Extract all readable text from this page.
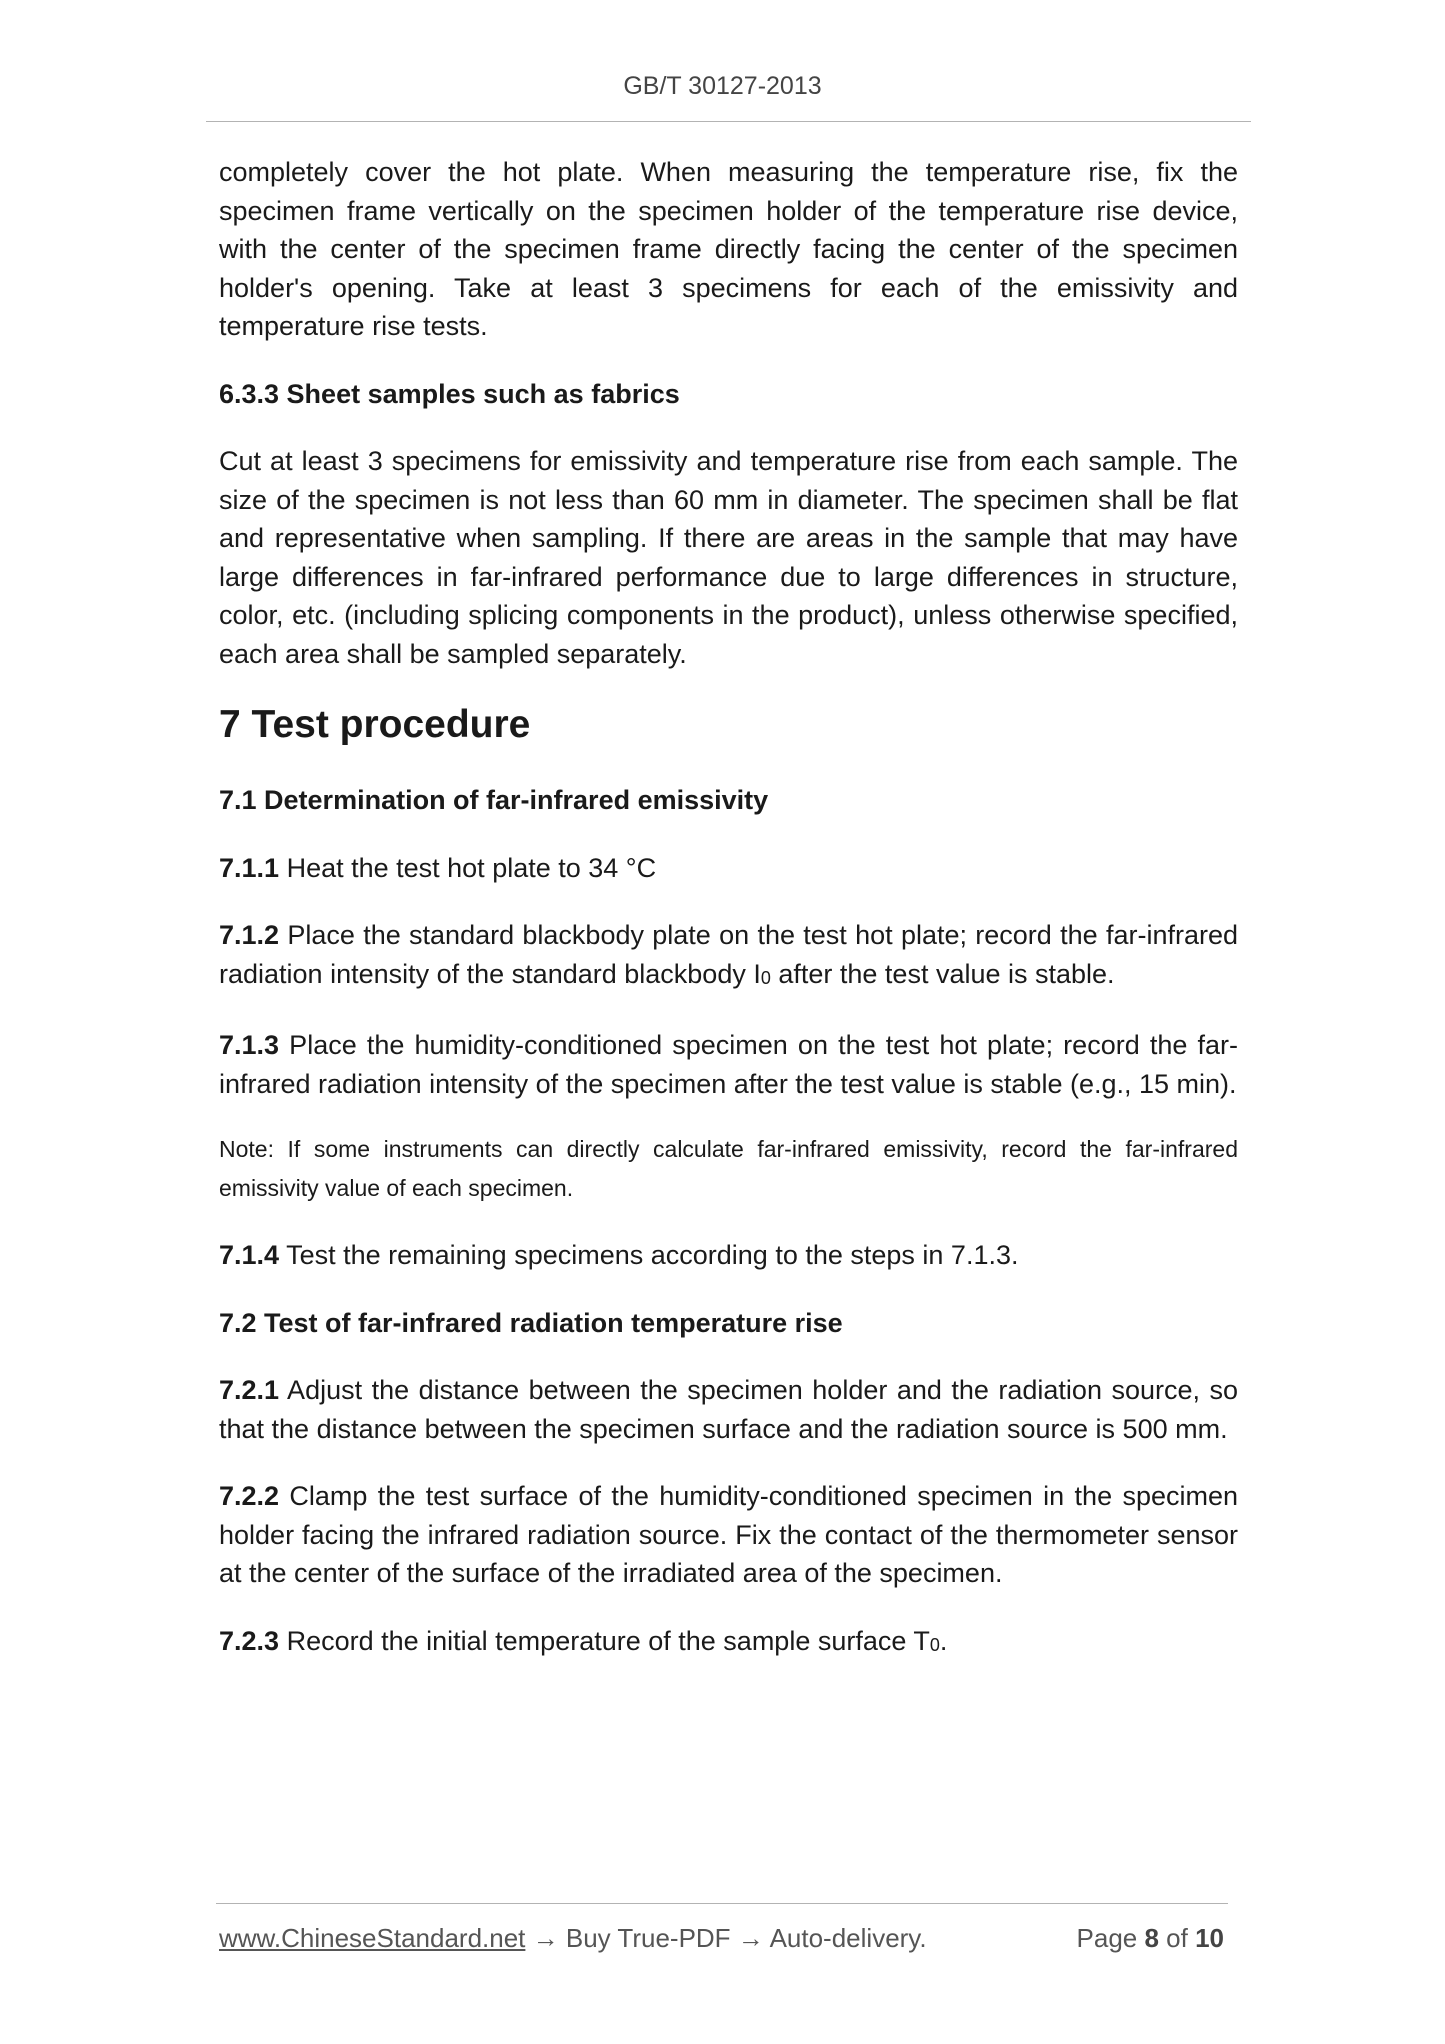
GB/T 30127-2013

completely cover the hot plate. When measuring the temperature rise, fix the specimen frame vertically on the specimen holder of the temperature rise device, with the center of the specimen frame directly facing the center of the specimen holder's opening. Take at least 3 specimens for each of the emissivity and temperature rise tests.

6.3.3 Sheet samples such as fabrics

Cut at least 3 specimens for emissivity and temperature rise from each sample. The size of the specimen is not less than 60 mm in diameter. The specimen shall be flat and representative when sampling. If there are areas in the sample that may have large differences in far-infrared performance due to large differences in structure, color, etc. (including splicing components in the product), unless otherwise specified, each area shall be sampled separately.

7 Test procedure
7.1 Determination of far-infrared emissivity

7.1.1 Heat the test hot plate to 34 °C

7.1.2 Place the standard blackbody plate on the test hot plate; record the far-infrared radiation intensity of the standard blackbody I0 after the test value is stable.

7.1.3 Place the humidity-conditioned specimen on the test hot plate; record the far-infrared radiation intensity of the specimen after the test value is stable (e.g., 15 min).

Note: If some instruments can directly calculate far-infrared emissivity, record the far-infrared emissivity value of each specimen.

7.1.4 Test the remaining specimens according to the steps in 7.1.3.

7.2 Test of far-infrared radiation temperature rise

7.2.1 Adjust the distance between the specimen holder and the radiation source, so that the distance between the specimen surface and the radiation source is 500 mm.

7.2.2 Clamp the test surface of the humidity-conditioned specimen in the specimen holder facing the infrared radiation source. Fix the contact of the thermometer sensor at the center of the surface of the irradiated area of the specimen.

7.2.3 Record the initial temperature of the sample surface T0.

www.ChineseStandard.net → Buy True-PDF → Auto-delivery.	Page 8 of 10
